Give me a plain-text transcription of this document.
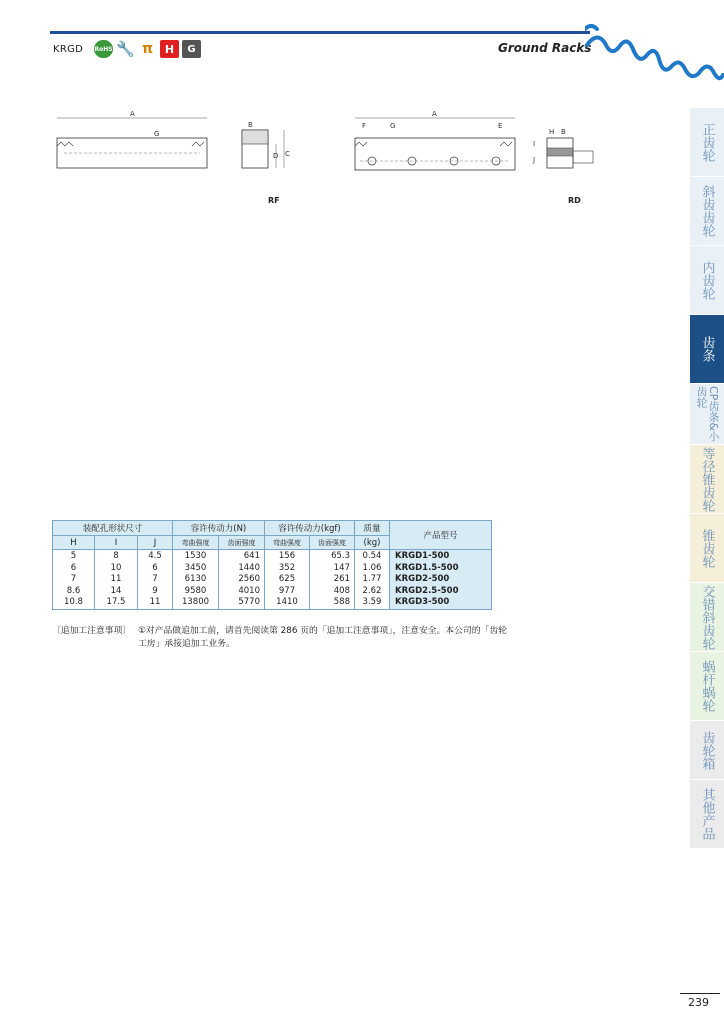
KRGD RoHS 🔧 π	H	G	Ground Racks
A
G
B
D C
RF
A
F	G	E
H B
I
J
RD
装配孔形状尺寸			容许传动力(N)		容许传动力(kgf)		质量	产品型号
H	I	J	弯曲强度	齿面强度	弯曲强度	齿面强度	(kg)	
5	8	4.5	1530	641	156	65.3	0.54	KRGD1-500
6	10	6	3450	1440	352	147	1.06	KRGD1.5-500
7	11	7	6130	2560	625	261	1.77	KRGD2-500
8.6	14	9	9580	4010	977	408	2.62	KRGD2.5-500
10.8	17.5	11	13800	5770	1410	588	3.59	KRGD3-500
〔追加工注意事项〕 ①对产品做追加工前，请首先阅读第 286 页的「追加工注意事项」，注意安全。本公司的「齿轮工房」承接追加工业务。
正齿轮
斜齿齿轮
内齿轮
齿条
CP齿条&小齿轮
等径锥齿轮
锥齿轮
交错斜齿轮
蜗杆蜗轮
齿轮箱
其他产品
239
